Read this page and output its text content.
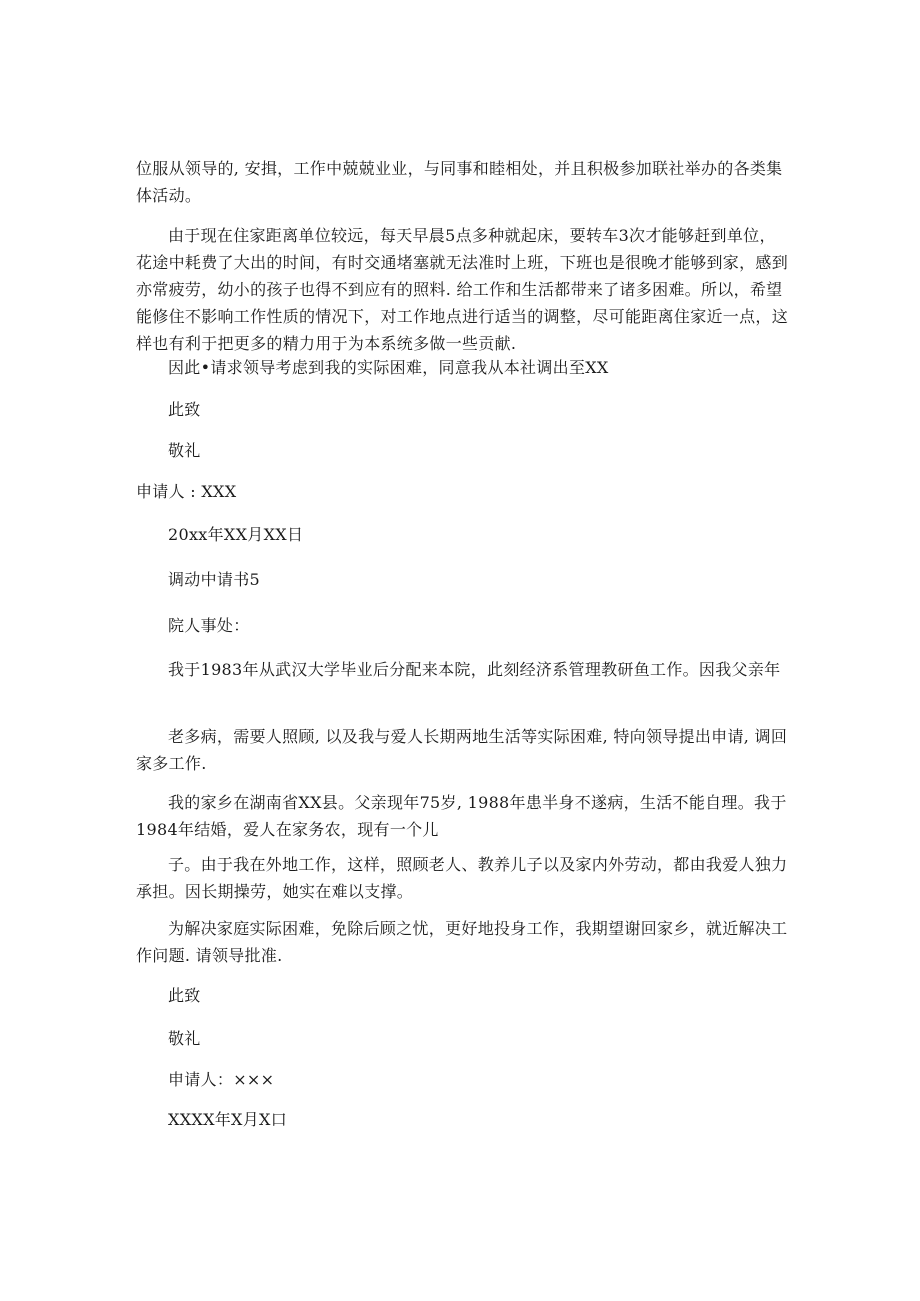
位服从领导的, 安揖，工作中兢兢业业，与同事和睦相处，并且积极参加联社举办的各类集体活动。

由于现在住家距离单位较远，每天早晨5点多种就起床，要转车3次才能够赶到单位，花途中耗费了大出的时间，有时交通堵塞就无法准时上班，下班也是很晚才能够到家，感到亦常疲劳，幼小的孩子也得不到应有的照料. 给工作和生活都带来了诸多困难。所以，希望能修住不影响工作性质的情况下，对工作地点进行适当的调整，尽可能距离住家近一点，这样也有利于把更多的精力用于为本系统多做一些贡献.

因此•请求领导考虑到我的实际困难，同意我从本社调出至XX

此致

敬礼

申请人 : XXX

20xx年XX月XX日

调动中请书5

院人事处：

我于1983年从武汉大学毕业后分配来本院，此刻经济系管理教研鱼工作。因我父亲年

老多病，需要人照顾, 以及我与爱人长期两地生活等实际困难, 特向领导提出申请, 调回家多工作.

我的家乡在湖南省XX县。父亲现年75岁, 1988年患半身不遂病，生活不能自理。我于1984年结婚，爱人在家务农，现有一个儿

子。由于我在外地工作，这样，照顾老人、教养儿子以及家内外劳动，都由我爱人独力承担。因长期操劳，她实在难以支撑。

为解决家庭实际困难，免除后顾之忧，更好地投身工作，我期望谢回家乡，就近解决工作问题. 请领导批准.

此致

敬礼

申请人：×××

XXXX年X月X口
